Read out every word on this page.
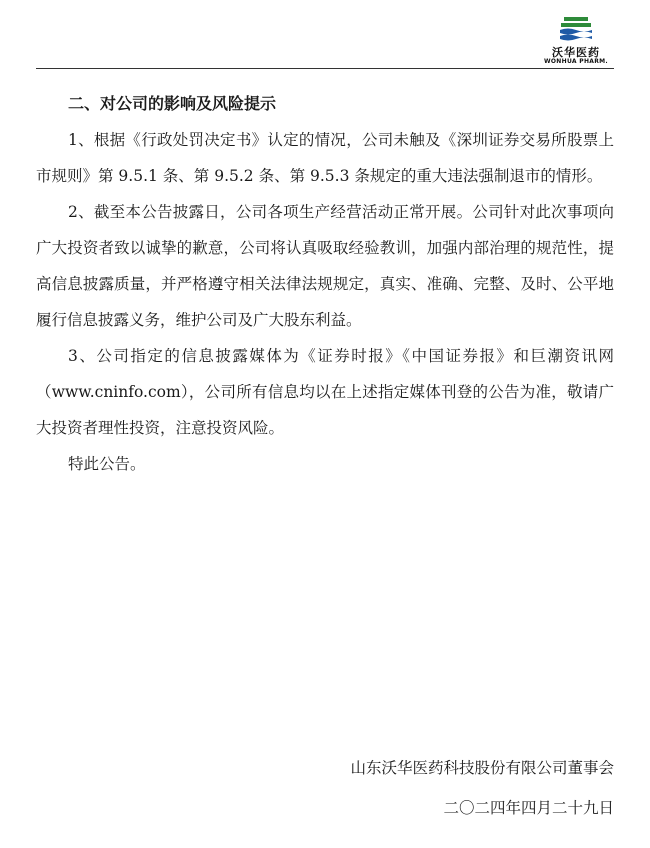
沃华医药
WONHUA PHARM.

二、对公司的影响及风险提示

1、根据《行政处罚决定书》认定的情况，公司未触及《深圳证券交易所股票上市规则》第 9.5.1 条、第 9.5.2 条、第 9.5.3 条规定的重大违法强制退市的情形。

2、截至本公告披露日，公司各项生产经营活动正常开展。公司针对此次事项向广大投资者致以诚挚的歉意，公司将认真吸取经验教训，加强内部治理的规范性，提高信息披露质量，并严格遵守相关法律法规规定，真实、准确、完整、及时、公平地履行信息披露义务，维护公司及广大股东利益。

3、公司指定的信息披露媒体为《证券时报》《中国证券报》和巨潮资讯网（www.cninfo.com），公司所有信息均以在上述指定媒体刊登的公告为准，敬请广大投资者理性投资，注意投资风险。

特此公告。

山东沃华医药科技股份有限公司董事会
二〇二四年四月二十九日
